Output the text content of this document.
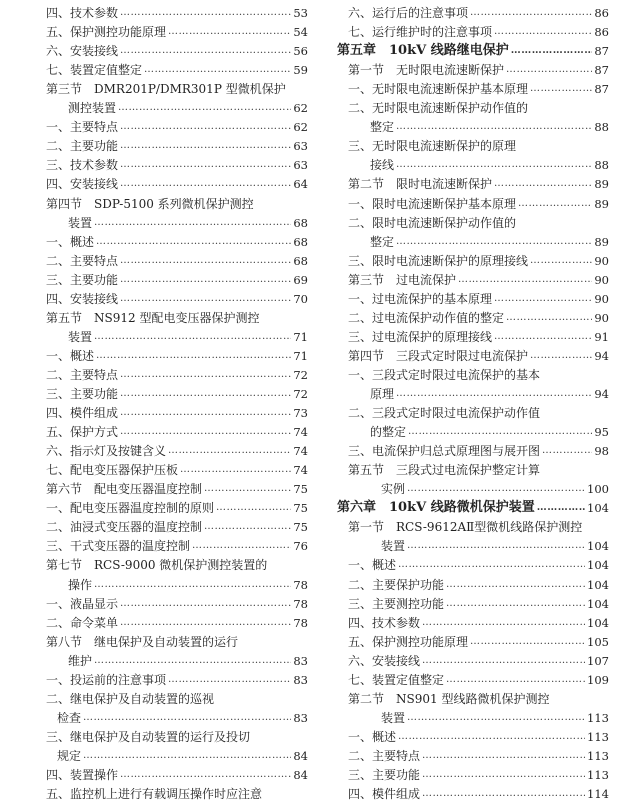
四、技术参数 ……………………………………………………………………………………………………………………………………………………	53
五、保护测控功能原理 ……………………………………………………………………………………………………………………………………………………	54
六、安装接线 ……………………………………………………………………………………………………………………………………………………	56
七、装置定值整定 ……………………………………………………………………………………………………………………………………………………	59
第三节　DMR201P/DMR301P 型微机保护
测控装置 ……………………………………………………………………………………………………………………………………………………	62
一、主要特点 ……………………………………………………………………………………………………………………………………………………	62
二、主要功能 ……………………………………………………………………………………………………………………………………………………	63
三、技术参数 ……………………………………………………………………………………………………………………………………………………	63
四、安装接线 ……………………………………………………………………………………………………………………………………………………	64
第四节　SDP-5100 系列微机保护测控
装置 ……………………………………………………………………………………………………………………………………………………	68
一、概述 ……………………………………………………………………………………………………………………………………………………	68
二、主要特点 ……………………………………………………………………………………………………………………………………………………	68
三、主要功能 ……………………………………………………………………………………………………………………………………………………	69
四、安装接线 ……………………………………………………………………………………………………………………………………………………	70
第五节　NS912 型配电变压器保护测控
装置 ……………………………………………………………………………………………………………………………………………………	71
一、概述 ……………………………………………………………………………………………………………………………………………………	71
二、主要特点 ……………………………………………………………………………………………………………………………………………………	72
三、主要功能 ……………………………………………………………………………………………………………………………………………………	72
四、模件组成 ……………………………………………………………………………………………………………………………………………………	73
五、保护方式 ……………………………………………………………………………………………………………………………………………………	74
六、指示灯及按键含义 ……………………………………………………………………………………………………………………………………………………	74
七、配电变压器保护压板 ……………………………………………………………………………………………………………………………………………………	74
第六节　配电变压器温度控制 ……………………………………………………………………………………………………………………………………………………	75
一、配电变压器温度控制的原则 ……………………………………………………………………………………………………………………………………………………	75
二、油浸式变压器的温度控制 ……………………………………………………………………………………………………………………………………………………	75
三、干式变压器的温度控制 ……………………………………………………………………………………………………………………………………………………	76
第七节　RCS-9000 微机保护测控装置的
操作 ……………………………………………………………………………………………………………………………………………………	78
一、液晶显示 ……………………………………………………………………………………………………………………………………………………	78
二、命令菜单 ……………………………………………………………………………………………………………………………………………………	78
第八节　继电保护及自动装置的运行
维护 ……………………………………………………………………………………………………………………………………………………	83
一、投运前的注意事项 ……………………………………………………………………………………………………………………………………………………	83
二、继电保护及自动装置的巡视
检查 ……………………………………………………………………………………………………………………………………………………	83
三、继电保护及自动装置的运行及投切
规定 ……………………………………………………………………………………………………………………………………………………	84
四、装置操作 ……………………………………………………………………………………………………………………………………………………	84
五、监控机上进行有载调压操作时应注意
六、运行后的注意事项 ……………………………………………………………………………………………………………………………………………………	86
七、运行维护时的注意事项 ……………………………………………………………………………………………………………………………………………………	86
第五章　10kV 线路继电保护 ……………………………………………………………………………………………………………………………………………………	87
第一节　无时限电流速断保护 ……………………………………………………………………………………………………………………………………………………	87
一、无时限电流速断保护基本原理 ……………………………………………………………………………………………………………………………………………………	87
二、无时限电流速断保护动作值的
整定 ……………………………………………………………………………………………………………………………………………………	88
三、无时限电流速断保护的原理
接线 ……………………………………………………………………………………………………………………………………………………	88
第二节　限时电流速断保护 ……………………………………………………………………………………………………………………………………………………	89
一、限时电流速断保护基本原理 ……………………………………………………………………………………………………………………………………………………	89
二、限时电流速断保护动作值的
整定 ……………………………………………………………………………………………………………………………………………………	89
三、限时电流速断保护的原理接线 ……………………………………………………………………………………………………………………………………………………	90
第三节　过电流保护 ……………………………………………………………………………………………………………………………………………………	90
一、过电流保护的基本原理 ……………………………………………………………………………………………………………………………………………………	90
二、过电流保护动作值的整定 ……………………………………………………………………………………………………………………………………………………	90
三、过电流保护的原理接线 ……………………………………………………………………………………………………………………………………………………	91
第四节　三段式定时限过电流保护 ……………………………………………………………………………………………………………………………………………………	94
一、三段式定时限过电流保护的基本
原理 ……………………………………………………………………………………………………………………………………………………	94
二、三段式定时限过电流保护动作值
的整定 ……………………………………………………………………………………………………………………………………………………	95
三、电流保护归总式原理图与展开图 ……………………………………………………………………………………………………………………………………………………	98
第五节　三段式过电流保护整定计算
实例 ……………………………………………………………………………………………………………………………………………………	100
第六章　10kV 线路微机保护装置 ……………………………………………………………………………………………………………………………………………………	104
第一节　RCS-9612AⅡ型微机线路保护测控
装置 ……………………………………………………………………………………………………………………………………………………	104
一、概述 ……………………………………………………………………………………………………………………………………………………	104
二、主要保护功能 ……………………………………………………………………………………………………………………………………………………	104
三、主要测控功能 ……………………………………………………………………………………………………………………………………………………	104
四、技术参数 ……………………………………………………………………………………………………………………………………………………	104
五、保护测控功能原理 ……………………………………………………………………………………………………………………………………………………	105
六、安装接线 ……………………………………………………………………………………………………………………………………………………	107
七、装置定值整定 ……………………………………………………………………………………………………………………………………………………	109
第二节　NS901 型线路微机保护测控
装置 ……………………………………………………………………………………………………………………………………………………	113
一、概述 ……………………………………………………………………………………………………………………………………………………	113
二、主要特点 ……………………………………………………………………………………………………………………………………………………	113
三、主要功能 ……………………………………………………………………………………………………………………………………………………	113
四、模件组成 ……………………………………………………………………………………………………………………………………………………	114
